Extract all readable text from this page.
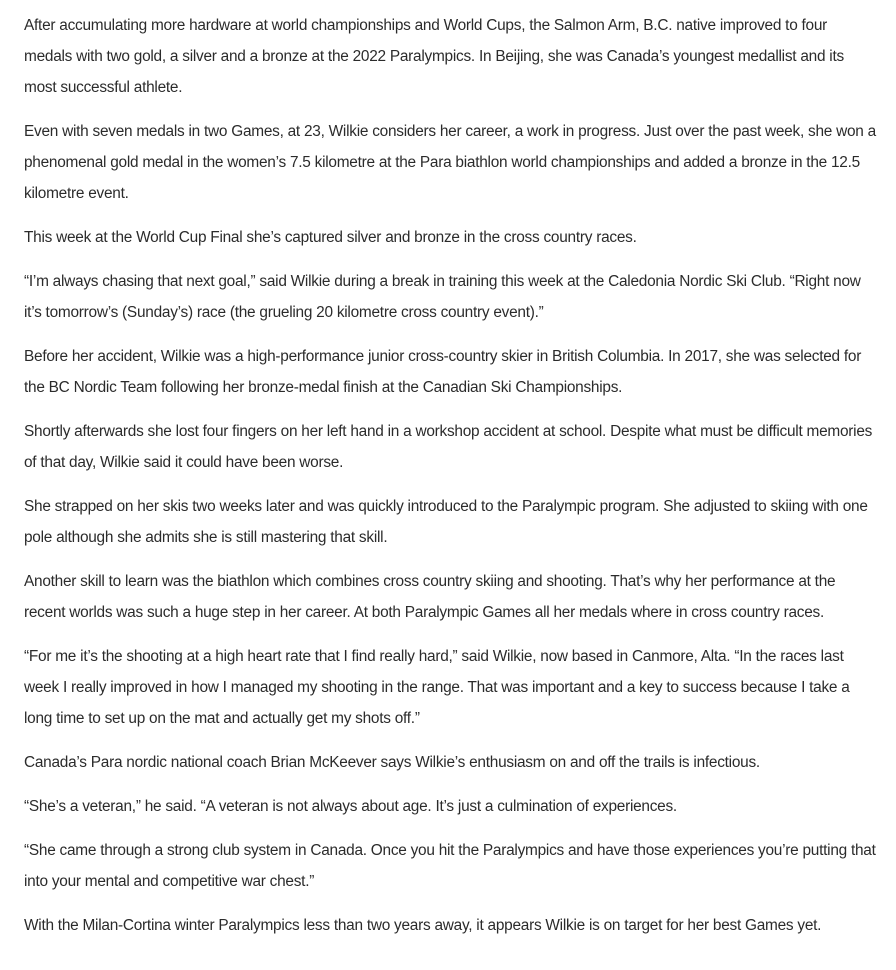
After accumulating more hardware at world championships and World Cups, the Salmon Arm, B.C. native improved to four medals with two gold, a silver and a bronze at the 2022 Paralympics. In Beijing, she was Canada’s youngest medallist and its most successful athlete.

Even with seven medals in two Games, at 23, Wilkie considers her career, a work in progress. Just over the past week, she won a phenomenal gold medal in the women’s 7.5 kilometre at the Para biathlon world championships and added a bronze in the 12.5 kilometre event.

This week at the World Cup Final she’s captured silver and bronze in the cross country races.

“I’m always chasing that next goal,” said Wilkie during a break in training this week at the Caledonia Nordic Ski Club. “Right now it’s tomorrow’s (Sunday’s) race (the grueling 20 kilometre cross country event).”

Before her accident, Wilkie was a high-performance junior cross-country skier in British Columbia. In 2017, she was selected for the BC Nordic Team following her bronze-medal finish at the Canadian Ski Championships.

Shortly afterwards she lost four fingers on her left hand in a workshop accident at school. Despite what must be difficult memories of that day, Wilkie said it could have been worse.

She strapped on her skis two weeks later and was quickly introduced to the Paralympic program. She adjusted to skiing with one pole although she admits she is still mastering that skill.

Another skill to learn was the biathlon which combines cross country skiing and shooting. That’s why her performance at the recent worlds was such a huge step in her career. At both Paralympic Games all her medals where in cross country races.

“For me it’s the shooting at a high heart rate that I find really hard,” said Wilkie, now based in Canmore, Alta. “In the races last week I really improved in how I managed my shooting in the range. That was important and a key to success because I take a long time to set up on the mat and actually get my shots off.”

Canada’s Para nordic national coach Brian McKeever says Wilkie’s enthusiasm on and off the trails is infectious.

“She’s a veteran,” he said. “A veteran is not always about age. It’s just a culmination of experiences.

“She came through a strong club system in Canada. Once you hit the Paralympics and have those experiences you’re putting that into your mental and competitive war chest.”

With the Milan-Cortina winter Paralympics less than two years away, it appears Wilkie is on target for her best Games yet.
